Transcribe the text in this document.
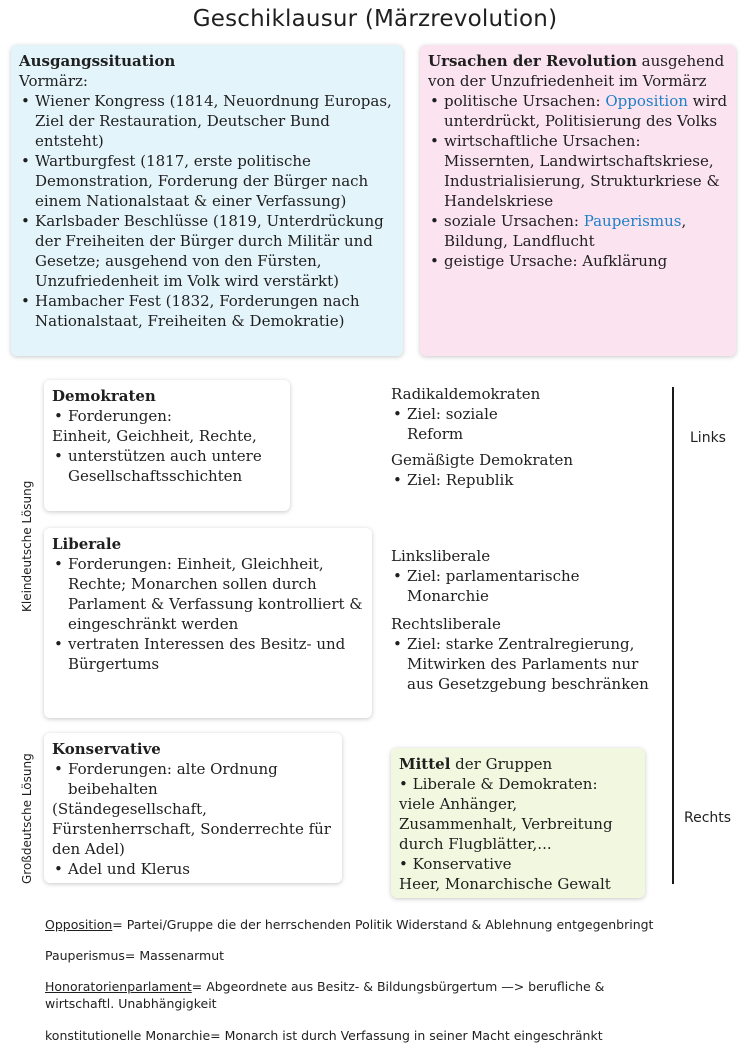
Geschiklausur (Märzrevolution)
Ausgangssituation
Vormärz:
• Wiener Kongress (1814, Neuordnung Europas, Ziel der Restauration, Deutscher Bund entsteht)
• Wartburgfest (1817, erste politische Demonstration, Forderung der Bürger nach einem Nationalstaat & einer Verfassung)
• Karlsbader Beschlüsse (1819, Unterdrückung der Freiheiten der Bürger durch Militär und Gesetze; ausgehend von den Fürsten, Unzufriedenheit im Volk wird verstärkt)
• Hambacher Fest (1832, Forderungen nach Nationalstaat, Freiheiten & Demokratie)
Ursachen der Revolution ausgehend von der Unzufriedenheit im Vormärz
• politische Ursachen: Opposition wird unterdrückt, Politisierung des Volks
• wirtschaftliche Ursachen: Missernten, Landwirtschaftskriese, Industrialisierung, Strukturkriese & Handelskriese
• soziale Ursachen: Pauperismus, Bildung, Landflucht
• geistige Ursache: Aufklärung
Demokraten
• Forderungen:
Einheit, Geichheit, Rechte,
• unterstützen auch untere Gesellschaftsschichten
Radikaldemokraten
• Ziel: soziale Reform
Gemäßigte Demokraten
• Ziel: Republik
Liberale
• Forderungen: Einheit, Gleichheit, Rechte; Monarchen sollen durch Parlament & Verfassung kontrolliert & eingeschränkt werden
• vertraten Interessen des Besitz- und Bürgertums
Linksliberale
• Ziel: parlamentarische Monarchie
Rechtsliberale
• Ziel: starke Zentralregierung, Mitwirken des Parlaments nur aus Gesetzgebung beschränken
Konservative
• Forderungen: alte Ordnung beibehalten
(Ständegesellschaft, Fürstenherrschaft, Sonderrechte für den Adel)
• Adel und Klerus
Mittel der Gruppen
• Liberale & Demokraten:
viele Anhänger, Zusammenhalt, Verbreitung durch Flugblätter,...
• Konservative
Heer, Monarchische Gewalt
Links
Rechts
Kleindeutsche Lösung
Großdeutsche Lösung
Opposition= Partei/Gruppe die der herrschenden Politik Widerstand & Ablehnung entgegenbringt
Pauperismus= Massenarmut
Honoratorienparlament= Abgeordnete aus Besitz- & Bildungsbürgertum —> berufliche & wirtschaftl. Unabhängigkeit
konstitutionelle Monarchie= Monarch ist durch Verfassung in seiner Macht eingeschränkt
